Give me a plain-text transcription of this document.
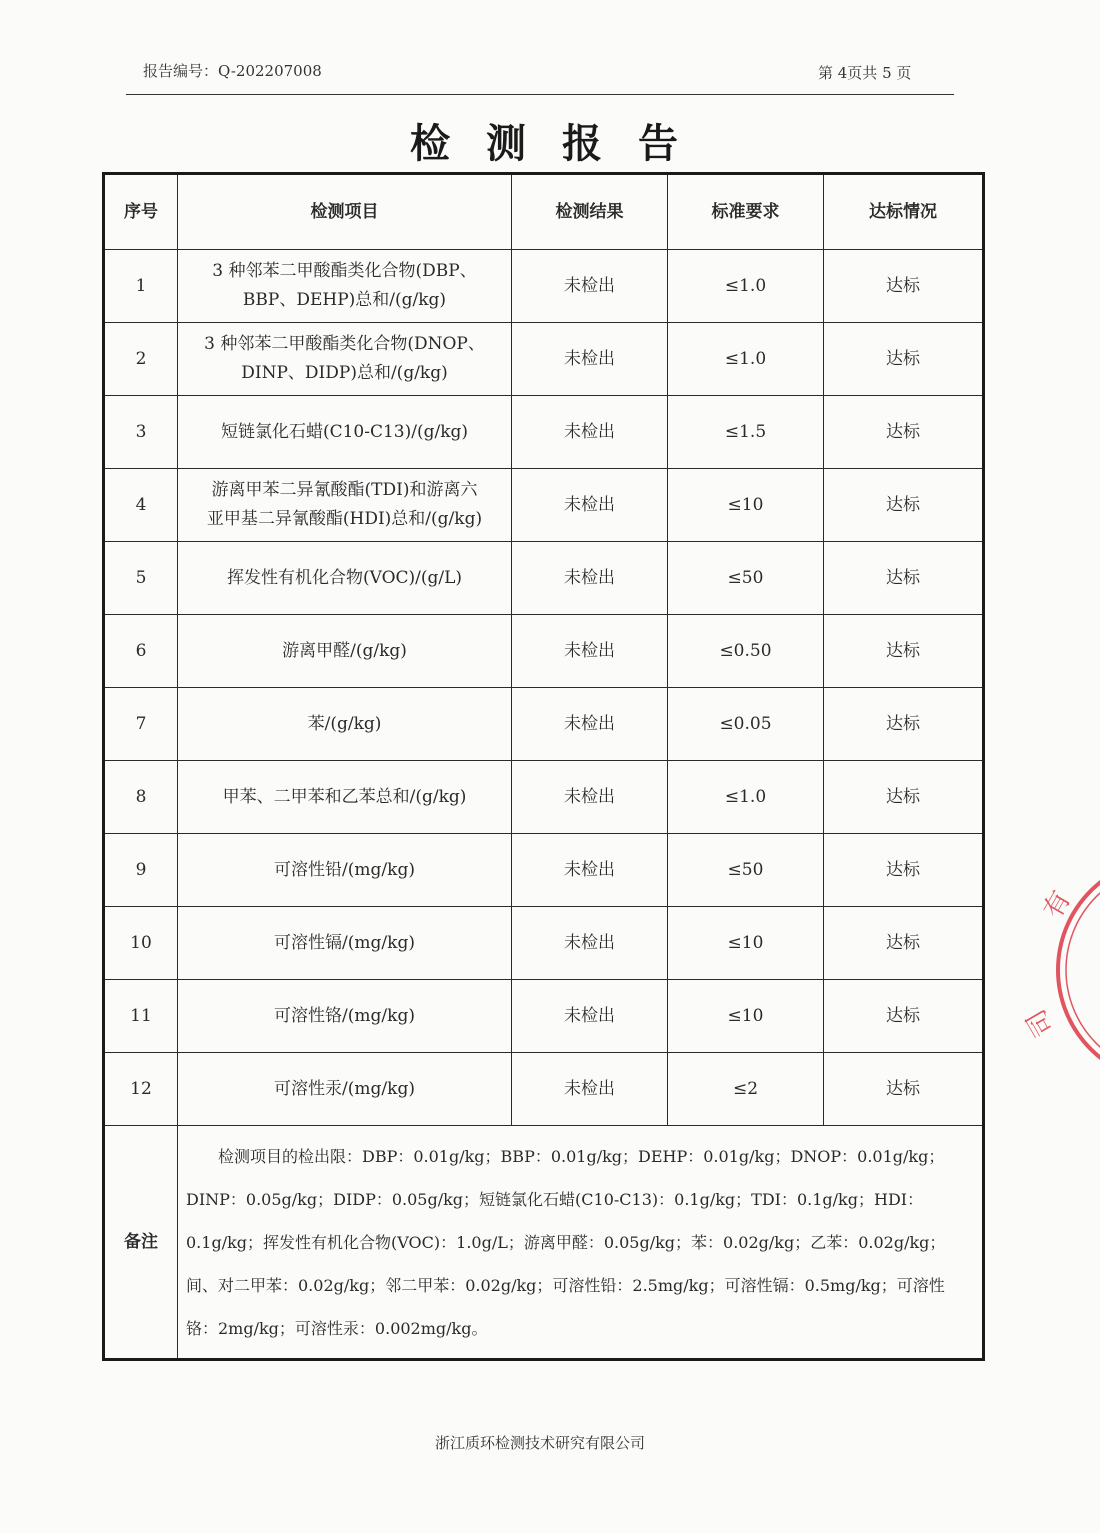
报告编号：Q-202207008	第 4页共 5 页
检测报告
序号	检测项目	检测结果	标准要求	达标情况
1	3 种邻苯二甲酸酯类化合物(DBP、
BBP、DEHP)总和/(g/kg)	未检出	≤1.0	达标
2	3 种邻苯二甲酸酯类化合物(DNOP、
DINP、DIDP)总和/(g/kg)	未检出	≤1.0	达标
3	短链氯化石蜡(C10-C13)/(g/kg)	未检出	≤1.5	达标
4	游离甲苯二异氰酸酯(TDI)和游离六
亚甲基二异氰酸酯(HDI)总和/(g/kg)	未检出	≤10	达标
5	挥发性有机化合物(VOC)/(g/L)	未检出	≤50	达标
6	游离甲醛/(g/kg)	未检出	≤0.50	达标
7	苯/(g/kg)	未检出	≤0.05	达标
8	甲苯、二甲苯和乙苯总和/(g/kg)	未检出	≤1.0	达标
9	可溶性铅/(mg/kg)	未检出	≤50	达标
10	可溶性镉/(mg/kg)	未检出	≤10	达标
11	可溶性铬/(mg/kg)	未检出	≤10	达标
12	可溶性汞/(mg/kg)	未检出	≤2	达标
备注	检测项目的检出限：DBP：0.01g/kg；BBP：0.01g/kg；DEHP：0.01g/kg；DNOP：0.01g/kg；DINP：0.05g/kg；DIDP：0.05g/kg；短链氯化石蜡(C10-C13)：0.1g/kg；TDI：0.1g/kg；HDI：0.1g/kg；挥发性有机化合物(VOC)：1.0g/L；游离甲醛：0.05g/kg；苯：0.02g/kg；乙苯：0.02g/kg；间、对二甲苯：0.02g/kg；邻二甲苯：0.02g/kg；可溶性铅：2.5mg/kg；可溶性镉：0.5mg/kg；可溶性铬：2mg/kg；可溶性汞：0.002mg/kg。			
浙江质环检测技术研究有限公司
有
司
